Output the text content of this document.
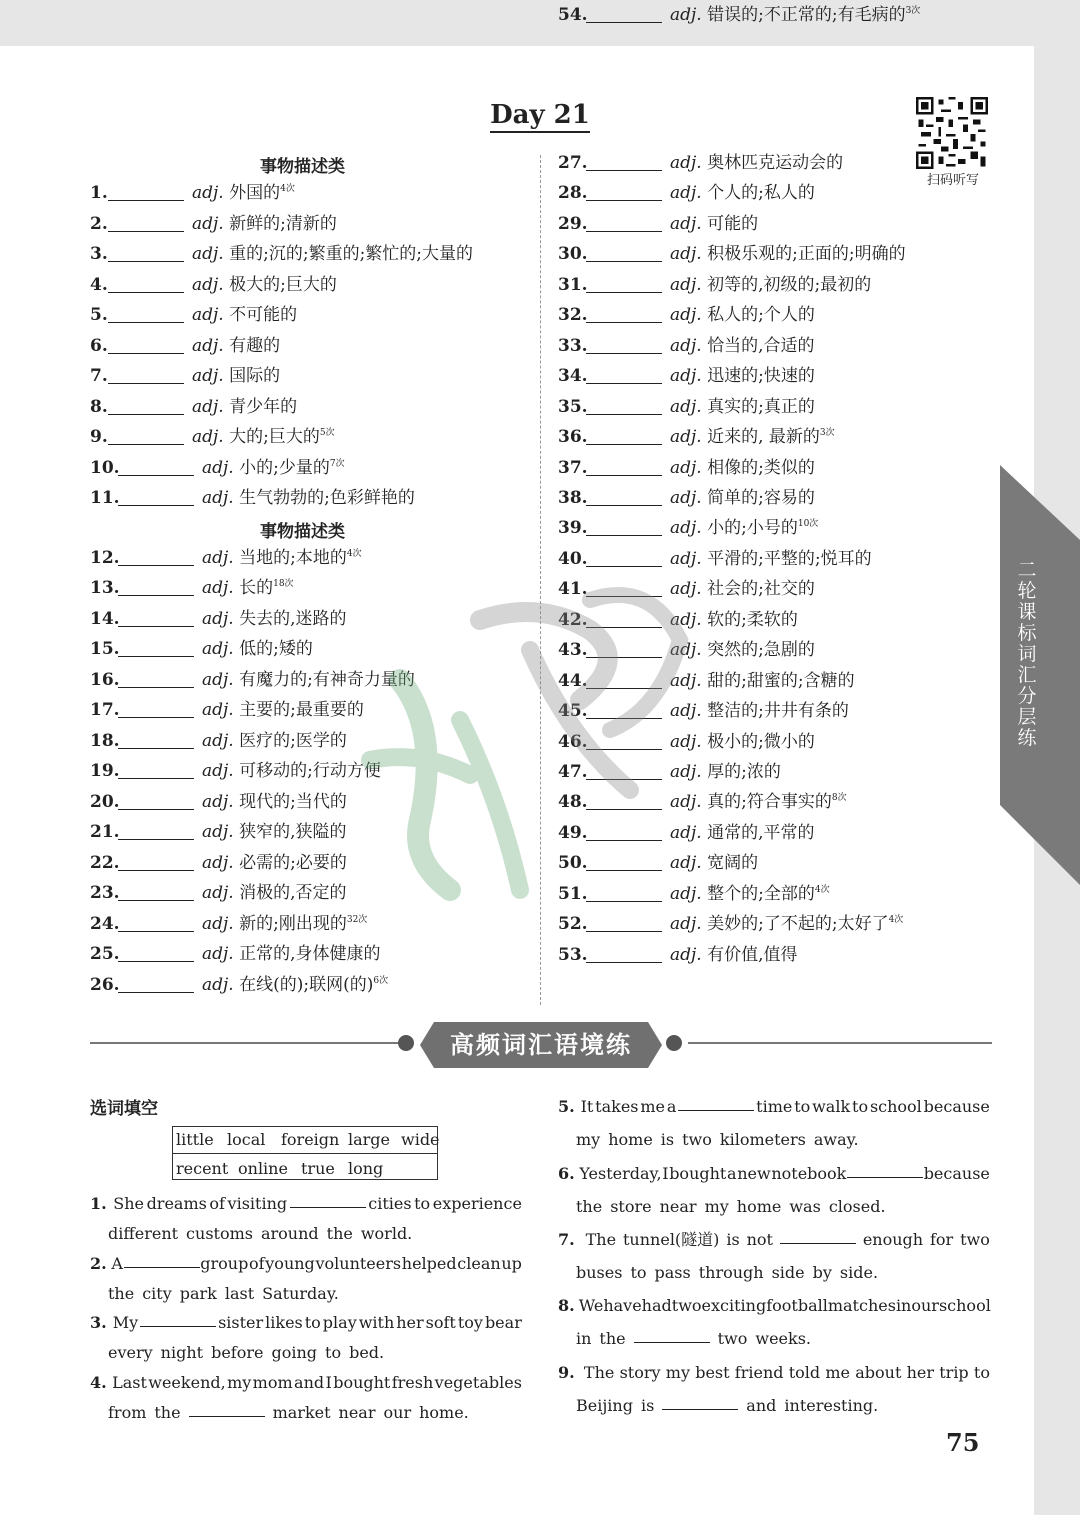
二轮 课标词汇分层练
Day 21
扫码听写
事物描述类
事物描述类
1.	adj. 外国的$^{4次}$
2.	adj. 新鲜的;清新的
3.	adj. 重的;沉的;繁重的;繁忙的;大量的
4.	adj. 极大的;巨大的
5.	adj. 不可能的
6.	adj. 有趣的
7.	adj. 国际的
8.	adj. 青少年的
9.	adj. 大的;巨大的$^{5次}$
10.	adj. 小的;少量的$^{7次}$
11.	adj. 生气勃勃的;色彩鲜艳的
12.	adj. 当地的;本地的$^{4次}$
13.	adj. 长的$^{18次}$
14.	adj. 失去的,迷路的
15.	adj. 低的;矮的
16.	adj. 有魔力的;有神奇力量的
17.	adj. 主要的;最重要的
18.	adj. 医疗的;医学的
19.	adj. 可移动的;行动方便
20.	adj. 现代的;当代的
21.	adj. 狭窄的,狭隘的
22.	adj. 必需的;必要的
23.	adj. 消极的,否定的
24.	adj. 新的;刚出现的$^{32次}$
25.	adj. 正常的,身体健康的
26.	adj. 在线(的);联网(的)$^{6次}$
27.	adj. 奥林匹克运动会的
28.	adj. 个人的;私人的
29.	adj. 可能的
30.	adj. 积极乐观的;正面的;明确的
31.	adj. 初等的,初级的;最初的
32.	adj. 私人的;个人的
33.	adj. 恰当的,合适的
34.	adj. 迅速的;快速的
35.	adj. 真实的;真正的
36.	adj. 近来的, 最新的$^{3次}$
37.	adj. 相像的;类似的
38.	adj. 简单的;容易的
39.	adj. 小的;小号的$^{10次}$
40.	adj. 平滑的;平整的;悦耳的
41.	adj. 社会的;社交的
42.	adj. 软的;柔软的
43.	adj. 突然的;急剧的
44.	adj. 甜的;甜蜜的;含糖的
45.	adj. 整洁的;井井有条的
46.	adj. 极小的;微小的
47.	adj. 厚的;浓的
48.	adj. 真的;符合事实的$^{8次}$
49.	adj. 通常的,平常的
50.	adj. 宽阔的
51.	adj. 整个的;全部的$^{4次}$
52.	adj. 美妙的;了不起的;太好了$^{4次}$
53.	adj. 有价值,值得
54.	adj. 错误的;不正常的;有毛病的$^{3次}$
高频词汇语境练
选词填空
little local foreign large wide
recent online true long
1. She dreams of visiting	cities to experience
different customs around the world.
2. A	group of young volunteers helped clean up
the city park last Saturday.
3. My	sister likes to play with her soft toy bear
every night before going to bed.
4. Last weekend, my mom and I bought fresh vegetables
from the	market near our home.
5. It takes me a	time to walk to school because
my home is two kilometers away.
6. Yesterday, I bought a new notebook	because
the store near my home was closed.
7. The tunnel(隧道) is not	enough for two
buses to pass through side by side.
8. We have had two exciting football matches in our school
in the	two weeks.
9. The story my best friend told me about her trip to
Beijing is	and interesting.
75
